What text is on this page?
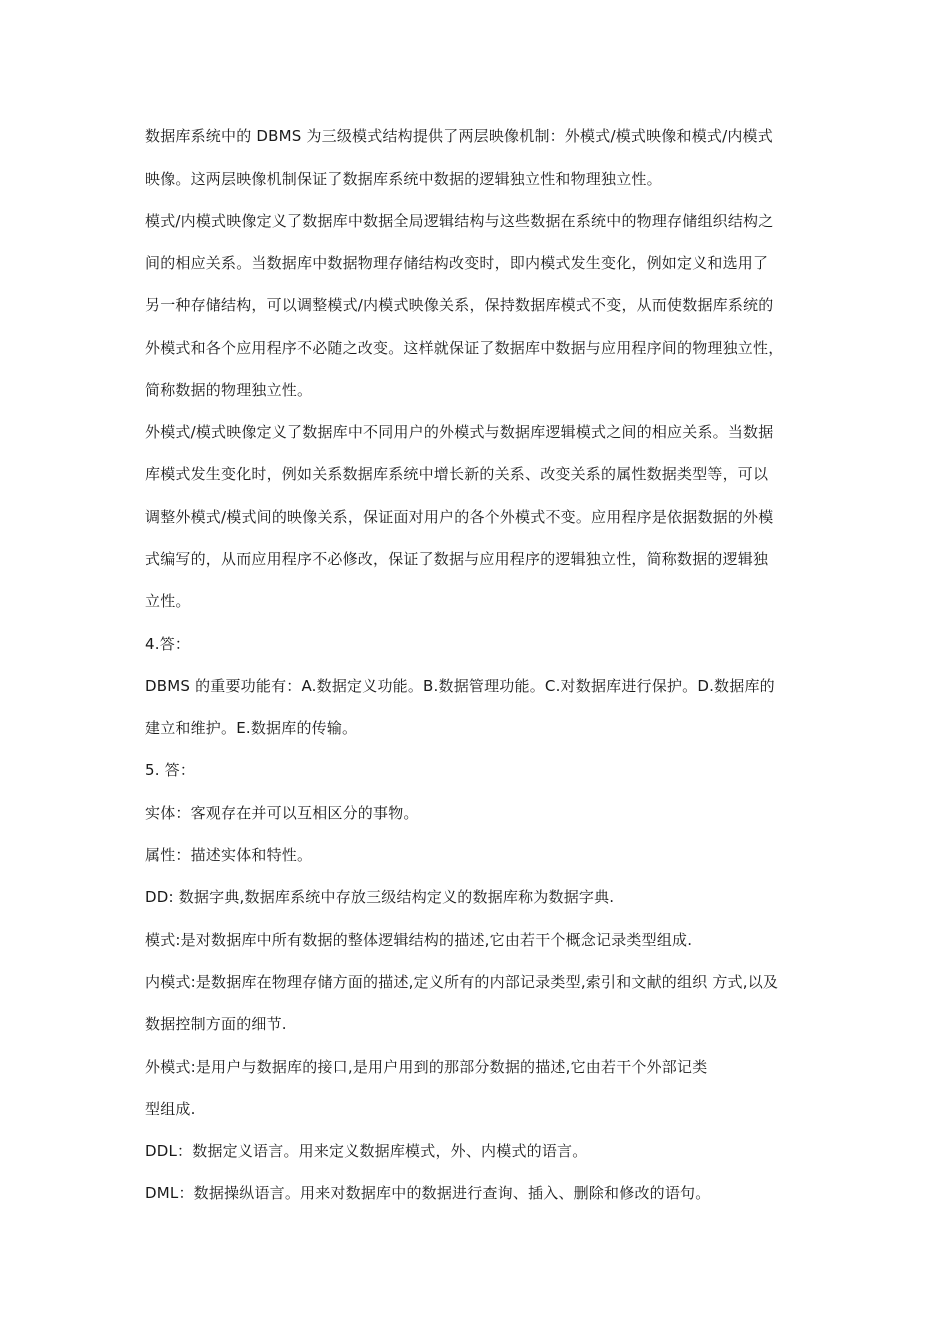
数据库系统中的 DBMS 为三级模式结构提供了两层映像机制：外模式/模式映像和模式/内模式
映像。这两层映像机制保证了数据库系统中数据的逻辑独立性和物理独立性。
模式/内模式映像定义了数据库中数据全局逻辑结构与这些数据在系统中的物理存储组织结构之
间的相应关系。当数据库中数据物理存储结构改变时，即内模式发生变化，例如定义和选用了
另一种存储结构，可以调整模式/内模式映像关系，保持数据库模式不变，从而使数据库系统的
外模式和各个应用程序不必随之改变。这样就保证了数据库中数据与应用程序间的物理独立性，
简称数据的物理独立性。
外模式/模式映像定义了数据库中不同用户的外模式与数据库逻辑模式之间的相应关系。当数据
库模式发生变化时，例如关系数据库系统中增长新的关系、改变关系的属性数据类型等，可以
调整外模式/模式间的映像关系，保证面对用户的各个外模式不变。应用程序是依据数据的外模
式编写的，从而应用程序不必修改，保证了数据与应用程序的逻辑独立性，简称数据的逻辑独
立性。
4.答：
DBMS 的重要功能有：A.数据定义功能。B.数据管理功能。C.对数据库进行保护。D.数据库的
建立和维护。E.数据库的传输。
5. 答：
实体：客观存在并可以互相区分的事物。
属性：描述实体和特性。
DD: 数据字典,数据库系统中存放三级结构定义的数据库称为数据字典.
模式:是对数据库中所有数据的整体逻辑结构的描述,它由若干个概念记录类型组成.
内模式:是数据库在物理存储方面的描述,定义所有的内部记录类型,索引和文献的组织 方式,以及
数据控制方面的细节.
外模式:是用户与数据库的接口,是用户用到的那部分数据的描述,它由若干个外部记类
型组成.
DDL：数据定义语言。用来定义数据库模式，外、内模式的语言。
DML：数据操纵语言。用来对数据库中的数据进行查询、插入、删除和修改的语句。
